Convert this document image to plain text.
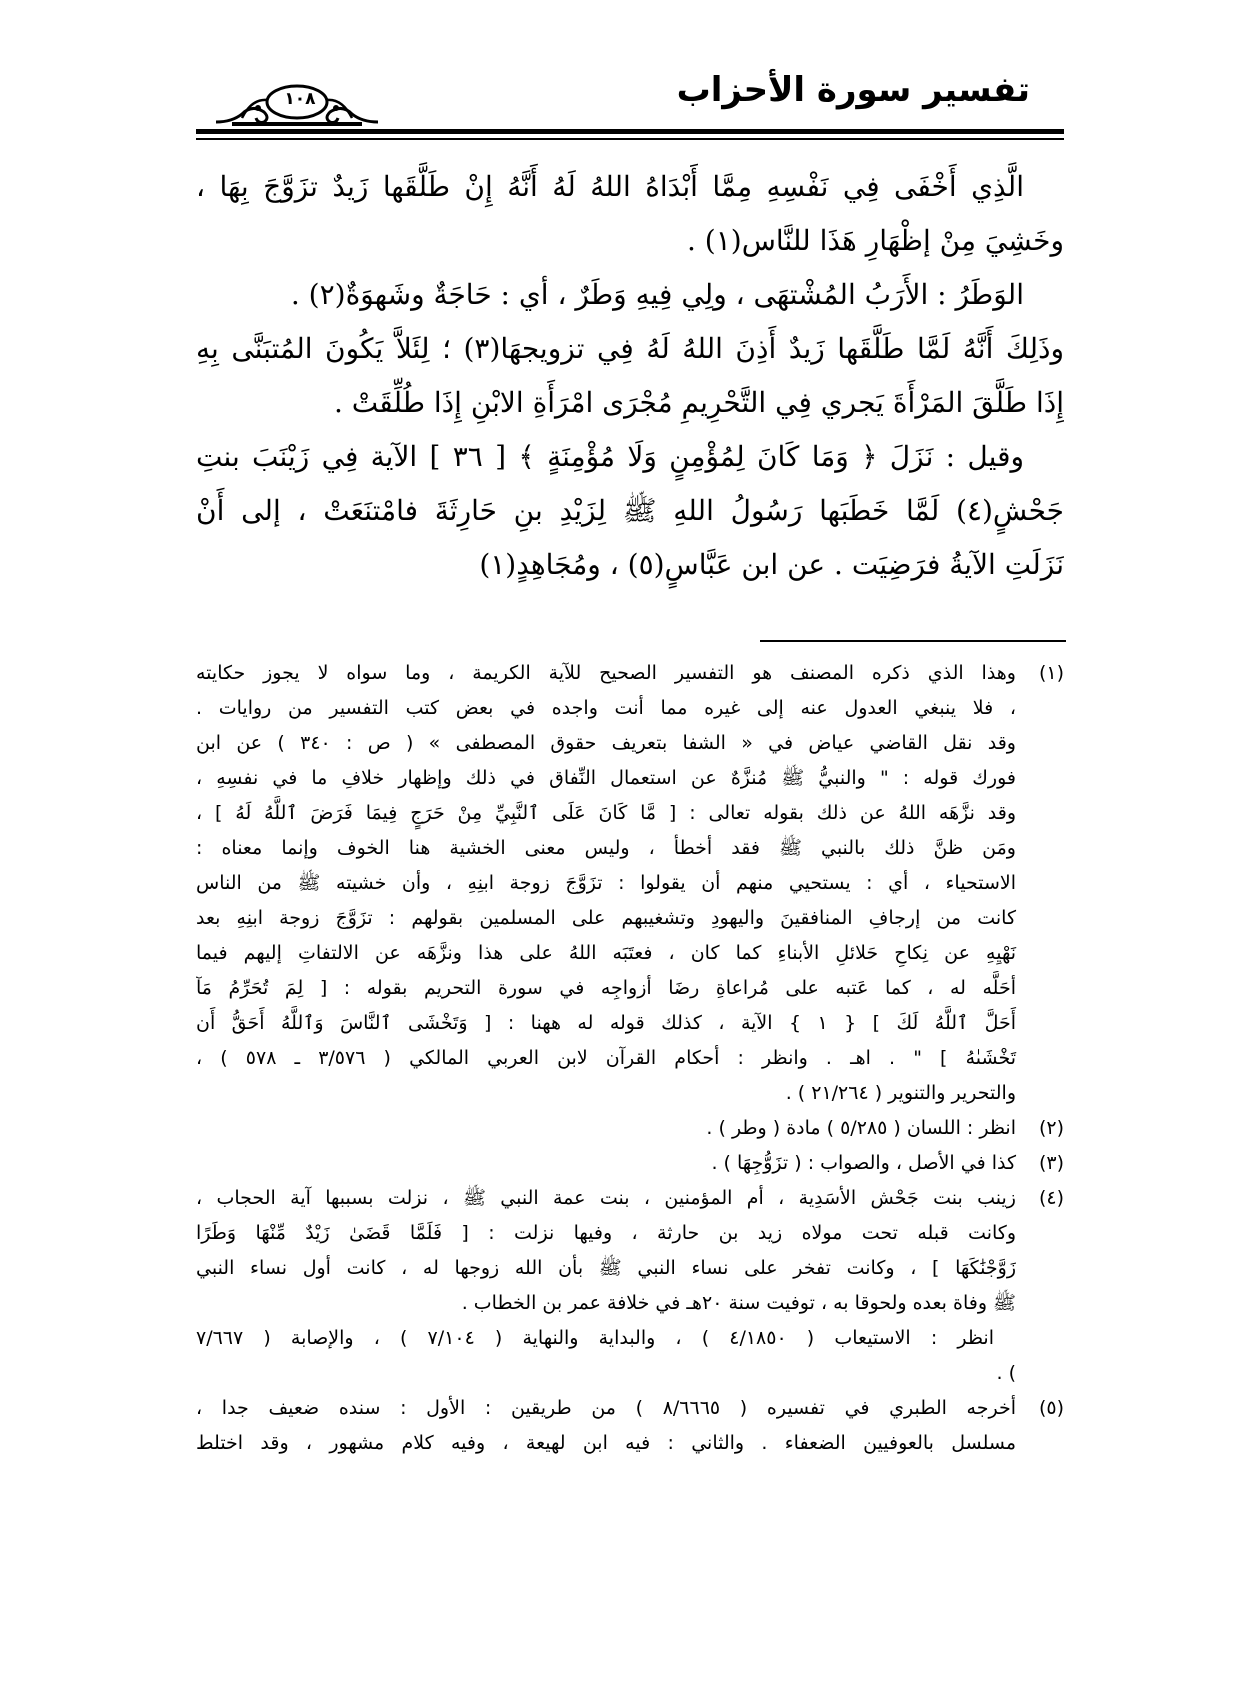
تفسير سورة الأحزاب
١٠٨
الَّذِي أَخْفَى فِي نَفْسِهِ مِمَّا أَبْدَاهُ اللهُ لَهُ أَنَّهُ إِنْ طَلَّقَها زَيدٌ تزَوَّجَ بِهَا ،
وخَشِيَ مِنْ إظْهَارِ هَذَا للنَّاس(١) .
الوَطَرُ : الأَرَبُ المُشْتهَى ، ولِي فِيهِ وَطَرٌ ، أي : حَاجَةٌ وشَهوَةٌ(٢) .
وذَلِكَ أَنَّهُ لَمَّا طَلَّقَها زَيدٌ أَذِنَ اللهُ لَهُ فِي تزويجهَا(٣) ؛ لِئَلاَّ يَكُونَ المُتبَنَّى بِهِ
إِذَا طَلَّقَ المَرْأَةَ يَجري فِي التَّحْرِيمِ مُجْرَى امْرَأَةِ الابْنِ إِذَا طُلِّقَتْ .
وقيل : نَزَلَ ﴿ وَمَا كَانَ لِمُؤْمِنٍ وَلَا مُؤْمِنَةٍ ﴾ [ ٣٦ ] الآية فِي زَيْنَبَ بنتِ
جَحْشٍ(٤) لَمَّا خَطَبَها رَسُولُ اللهِ ﷺ لِزَيْدِ بنِ حَارِثَةَ فامْتنَعَتْ ، إلى أَنْ
نَزَلَتِ الآيةُ فرَضِيَت . عن ابن عَبَّاسٍ(٥) ، ومُجَاهِدٍ(١)
(١)وهذا الذي ذكره المصنف هو التفسير الصحيح للآية الكريمة ، وما سواه لا يجوز حكايته
، فلا ينبغي العدول عنه إلى غيره مما أنت واجده في بعض كتب التفسير من روايات .
وقد نقل القاضي عياض في « الشفا بتعريف حقوق المصطفى » ( ص : ٣٤٠ ) عن ابن
فورك قوله : " والنبيُّ ﷺ مُنزَّهٌ عن استعمال النِّفاق في ذلك وإظهار خلافِ ما في نفسِهِ ،
وقد نزَّهَه اللهُ عن ذلك بقوله تعالى : [ مَّا كَانَ عَلَى ٱلنَّبِيِّ مِنْ حَرَجٍ فِيمَا فَرَضَ ٱللَّهُ لَهُ ] ،
ومَن ظنَّ ذلك بالنبي ﷺ فقد أخطأ ، وليس معنى الخشية هنا الخوف وإنما معناه :
الاستحياء ، أي : يستحيي منهم أن يقولوا : تزَوَّجَ زوجة ابنِهِ ، وأن خشيته ﷺ من الناس
كانت من إرجافِ المنافقينَ واليهودِ وتشغيبهم على المسلمين بقولهم : تزَوَّجَ زوجة ابنِهِ بعد
نَهْيِهِ عن نِكاحِ حَلائلِ الأبناءِ كما كان ، فعتَبَه اللهُ على هذا ونزَّهَه عن الالتفاتِ إليهم فيما
أحَلَّه له ، كما عَتبه على مُراعاةِ رضَا أزواجِه في سورة التحريم بقوله : [ لِمَ تُحَرِّمُ مَآ
أَحَلَّ ٱللَّهُ لَكَ ] { ١ } الآية ، كذلك قوله له ههنا : [ وَتَخْشَى ٱلنَّاسَ وَٱللَّهُ أَحَقُّ أَن
تَخْشَىٰهُ ] " . اهـ . وانظر : أحكام القرآن لابن العربي المالكي ( ٣/٥٧٦ ـ ٥٧٨ ) ،
والتحرير والتنوير ( ٢١/٢٦٤ ) .
(٢)انظر : اللسان ( ٥/٢٨٥ ) مادة ( وطر ) .
(٣)كذا في الأصل ، والصواب : ( تزَوُّجِهَا ) .
(٤)زينب بنت جَحْش الأسَدِية ، أم المؤمنين ، بنت عمة النبي ﷺ ، نزلت بسببها آية الحجاب ،
وكانت قبله تحت مولاه زيد بن حارثة ، وفيها نزلت : [ فَلَمَّا قَضَىٰ زَيْدٌ مِّنْهَا وَطَرًا
زَوَّجْنَٰكَهَا ] ، وكانت تفخر على نساء النبي ﷺ بأن الله زوجها له ، كانت أول نساء النبي
ﷺ وفاة بعده ولحوقا به ، توفيت سنة ٢٠هـ في خلافة عمر بن الخطاب .
انظر : الاستيعاب ( ٤/١٨٥٠ ) ، والبداية والنهاية ( ٧/١٠٤ ) ، والإصابة ( ٧/٦٦٧
) .
(٥)أخرجه الطبري في تفسيره ( ٨/٦٦٦٥ ) من طريقين : الأول : سنده ضعيف جدا ،
مسلسل بالعوفيين الضعفاء . والثاني : فيه ابن لهيعة ، وفيه كلام مشهور ، وقد اختلط
